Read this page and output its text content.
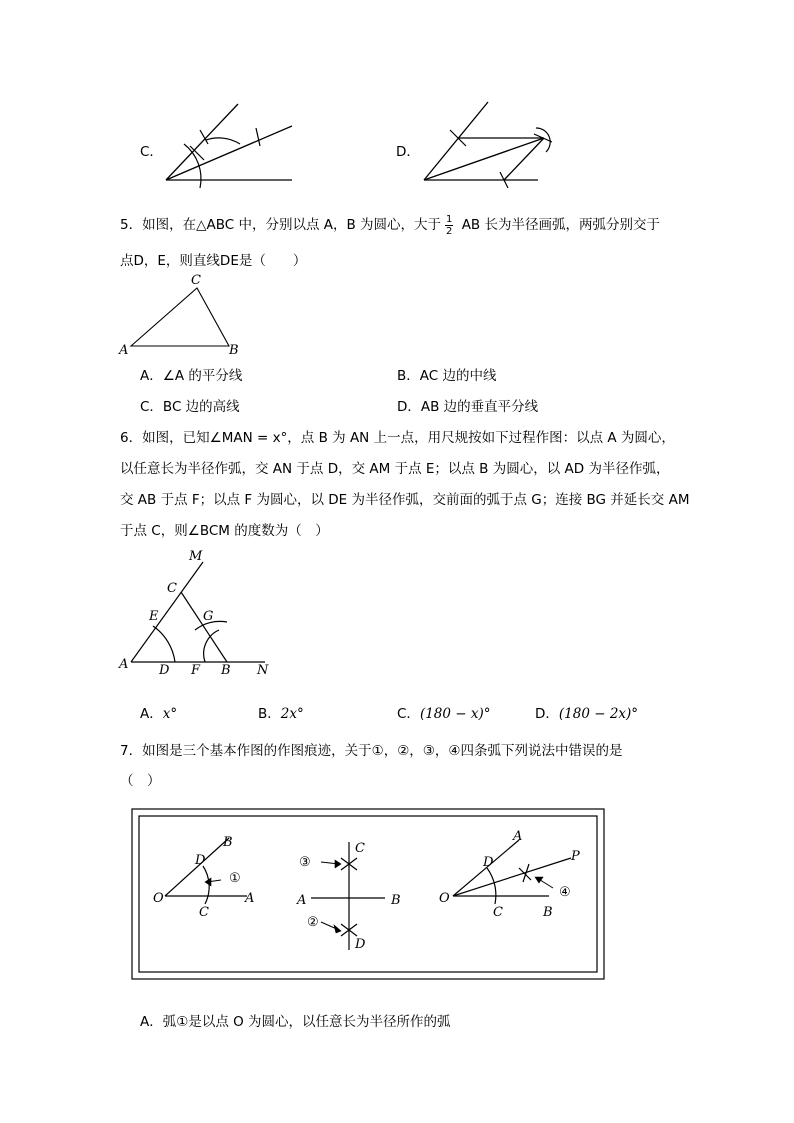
C．	D．
5．如图，在△ABC 中，分别以点 A，B 为圆心，大于 $\frac{1}{2}$ AB 长为半径画弧，两弧分别交于
点D，E，则直线DE是（　　）
C
A	B
A．∠A 的平分线	B．AC 边的中线
C．BC 边的高线	D．AB 边的垂直平分线
6．如图，已知∠MAN = x°，点 B 为 AN 上一点，用尺规按如下过程作图：以点 A 为圆心，
以任意长为半径作弧，交 AN 于点 D，交 AM 于点 E；以点 B 为圆心，以 AD 为半径作弧，
交 AB 于点 F；以点 F 为圆心，以 DE 为半径作弧，交前面的弧于点 G；连接 BG 并延长交 AM
于点 C，则∠BCM 的度数为（　）
M
C
E	G
A D F B N
A．x°	B．2x°	C．(180 − x)°	D．(180 − 2x)°
7．如图是三个基本作图的作图痕迹，关于①，②，③，④四条弧下列说法中错误的是
（　）
B
D
O
C
A
①
C
A	B
D
③
②
A
P
D
O
C	B
④
A．弧①是以点 O 为圆心，以任意长为半径所作的弧
